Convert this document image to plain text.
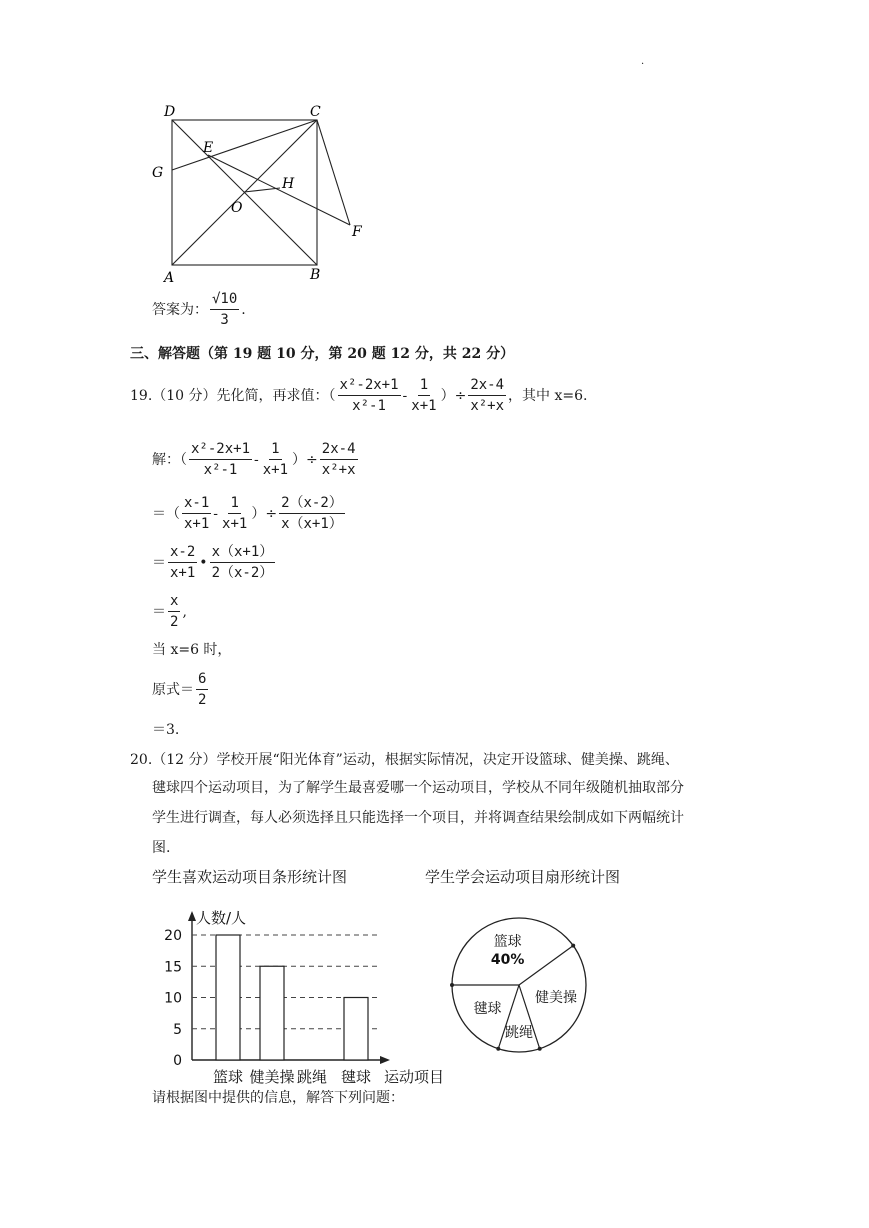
.
D	C
G
E
H
O
F
A	B
答案为： $\frac{√10}{3}$ .
三、解答题（第 19 题 10 分，第 20 题 12 分，共 22 分）
19.（10 分）先化简，再求值：（ $\frac{\text{x²-2x+1}}{\text{x²-1}} - \frac{1}{x+1}$ ）÷ $\frac{2x-4}{\text{x²+x}}$ ，其中 x=6.
解：（ $\frac{\text{x²-2x+1}}{\text{x²-1}} - \frac{1}{x+1}$ ）÷ $\frac{2x-4}{\text{x²+x}}$
＝（ $\frac{x-1}{x+1} - \frac{1}{x+1}$ ）÷ $\frac{2(x-2)}{x(x+1)}$
＝ $\frac{x-2}{x+1}$ • $\frac{x(x+1)}{2(x-2)}$
＝ $\frac{x}{2}$ ,
当 x=6 时，
原式＝ $\frac{6}{2}$
＝3.
20.（12 分）学校开展“阳光体育”运动，根据实际情况，决定开设篮球、健美操、跳绳、
毽球四个运动项目，为了解学生最喜爱哪一个运动项目，学校从不同年级随机抽取部分
学生进行调查，每人必须选择且只能选择一个项目，并将调查结果绘制成如下两幅统计
图.
学生喜欢运动项目条形统计图	学生学会运动项目扇形统计图
0
5
10
15
20
人数/人
篮球 健美操 跳绳 毽球 运动项目
篮球
40%
健美操
跳绳
毽球
请根据图中提供的信息，解答下列问题：
